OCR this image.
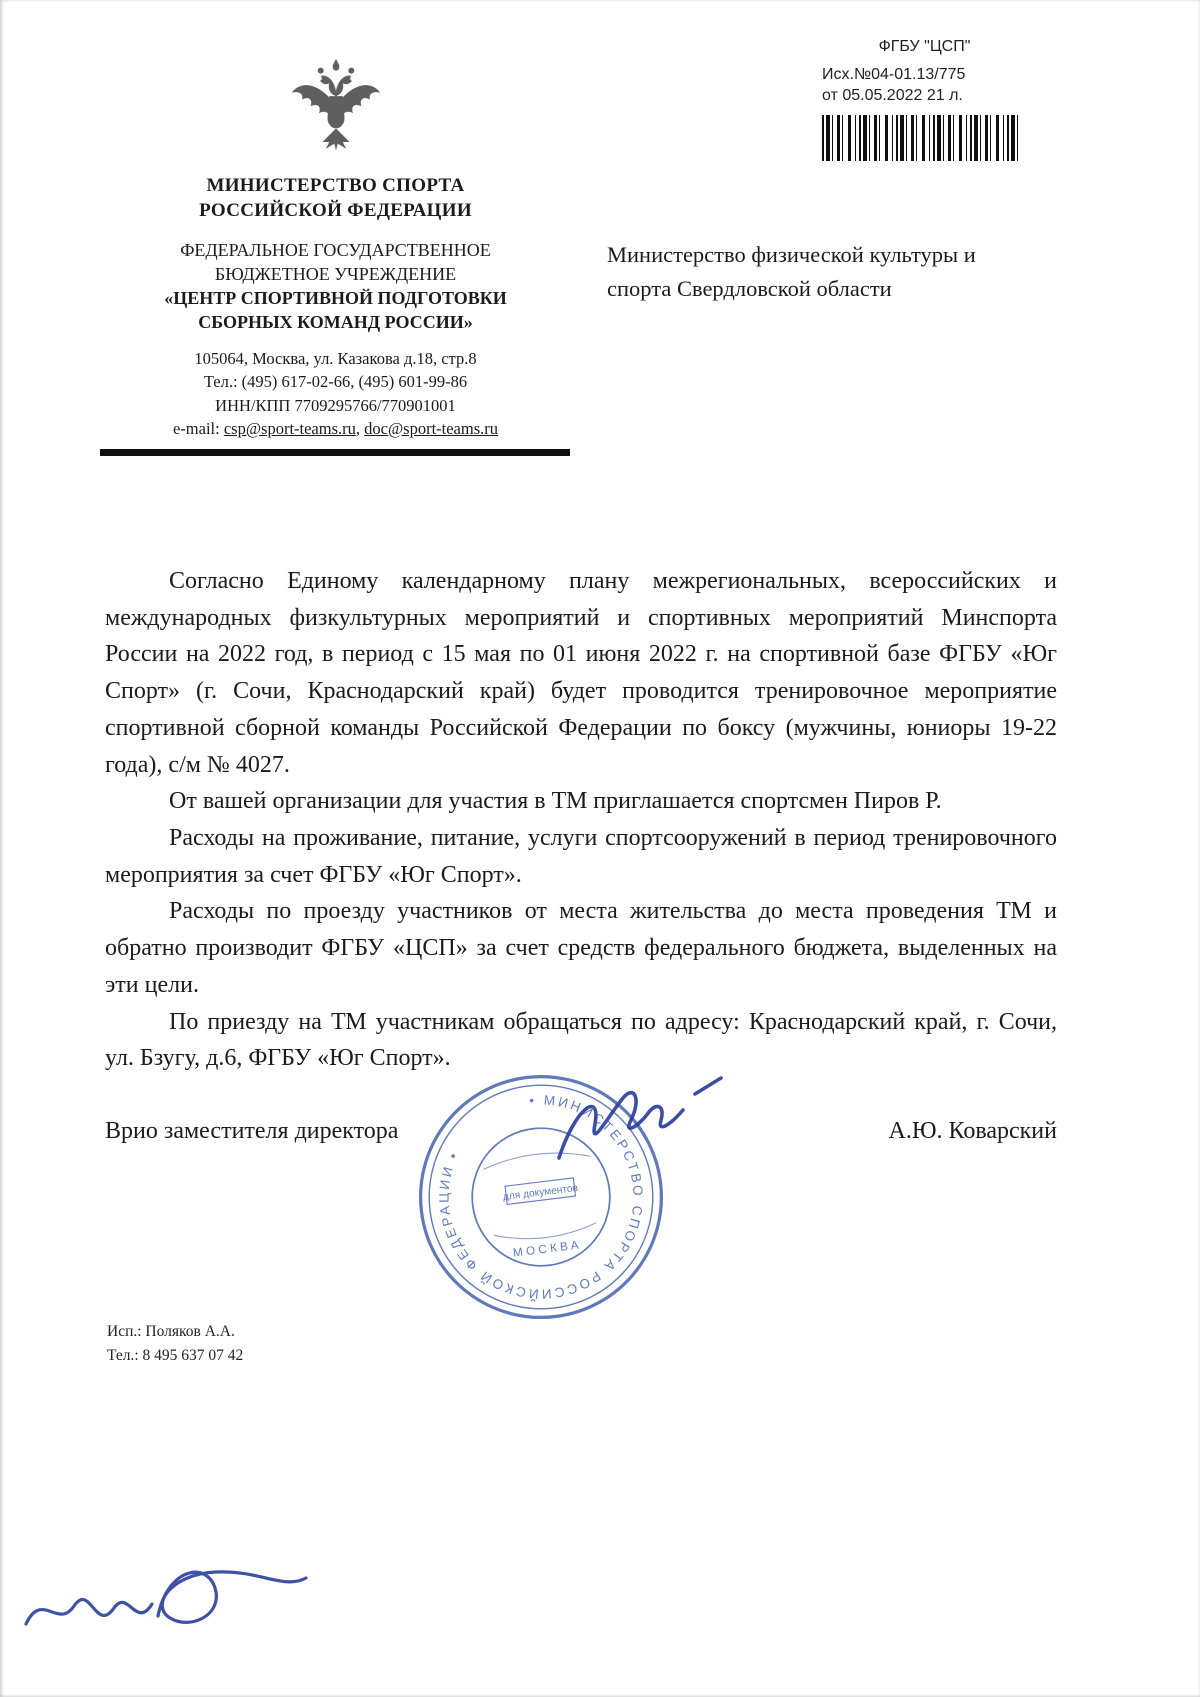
ФГБУ "ЦСП"
Исх.№04-01.13/775
от 05.05.2022 21 л.
МИНИСТЕРСТВО СПОРТА
РОССИЙСКОЙ ФЕДЕРАЦИИ
ФЕДЕРАЛЬНОЕ ГОСУДАРСТВЕННОЕ
БЮДЖЕТНОЕ УЧРЕЖДЕНИЕ
«ЦЕНТР СПОРТИВНОЙ ПОДГОТОВКИ
СБОРНЫХ КОМАНД РОССИИ»
105064, Москва, ул. Казакова д.18, стр.8
Тел.: (495) 617-02-66, (495) 601-99-86
ИНН/КПП 7709295766/770901001
e-mail: csp@sport-teams.ru, doc@sport-teams.ru
Министерство физической культуры и
спорта Свердловской области

Согласно Единому календарному плану межрегиональных, всероссийских и международных физкультурных мероприятий и спортивных мероприятий Минспорта России на 2022 год, в период с 15 мая по 01 июня 2022 г. на спортивной базе ФГБУ «Юг Спорт» (г. Сочи, Краснодарский край) будет проводится тренировочное мероприятие спортивной сборной команды Российской Федерации по боксу (мужчины, юниоры 19-22 года), с/м № 4027.

От вашей организации для участия в ТМ приглашается спортсмен Пиров Р.

Расходы на проживание, питание, услуги спортсооружений в период тренировочного мероприятия за счет ФГБУ «Юг Спорт».

Расходы по проезду участников от места жительства до места проведения ТМ и обратно производит ФГБУ «ЦСП» за счет средств федерального бюджета, выделенных на эти цели.

По приезду на ТМ участникам обращаться по адресу: Краснодарский край, г. Сочи, ул. Бзугу, д.6, ФГБУ «Юг Спорт».

Врио заместителя директора	А.Ю. Коварский
• МИНИСТЕРСТВО СПОРТА РОССИЙСКОЙ ФЕДЕРАЦИИ •
для документов
МОСКВА
Исп.: Поляков А.А.
Тел.: 8 495 637 07 42
